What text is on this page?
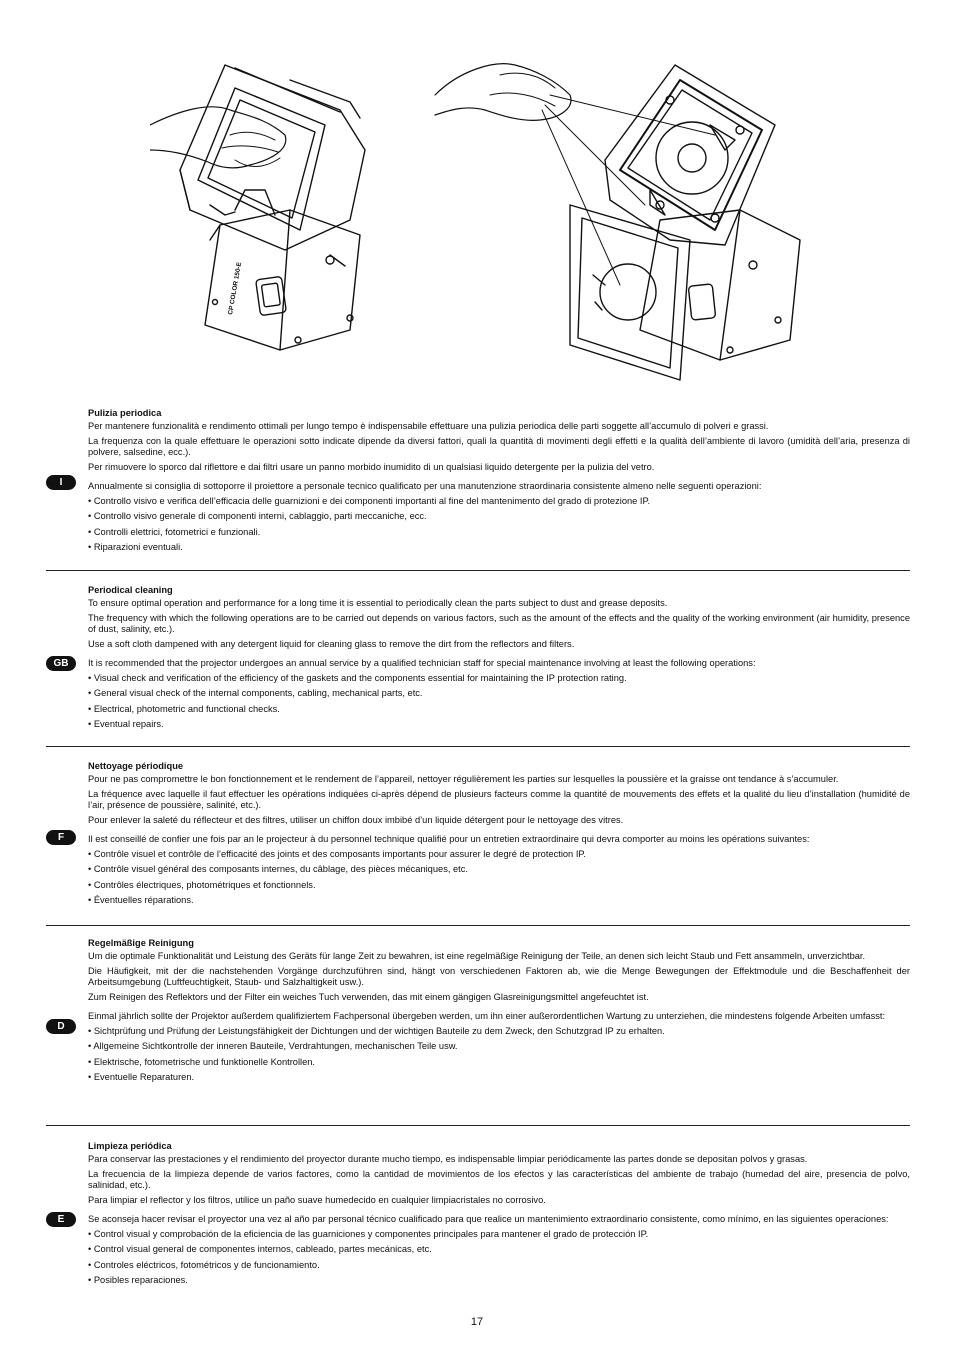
CP COLOR 150-E
I
Pulizia periodica
Per mantenere funzionalità e rendimento ottimali per lungo tempo è indispensabile effettuare una pulizia periodica delle parti soggette all’accumulo di polveri e grassi.
La frequenza con la quale effettuare le operazioni sotto indicate dipende da diversi fattori, quali la quantità di movimenti degli effetti e la qualità dell’ambiente di lavoro (umidità dell’aria, presenza di polvere, salsedine, ecc.).
Per rimuovere lo sporco dal riflettore e dai filtri usare un panno morbido inumidito di un qualsiasi liquido detergente per la pulizia del vetro.
Annualmente si consiglia di sottoporre il proiettore a personale tecnico qualificato per una manutenzione straordinaria consistente almeno nelle seguenti operazioni:
• Controllo visivo e verifica dell’efficacia delle guarnizioni e dei componenti importanti al fine del mantenimento del grado di protezione IP.
• Controllo visivo generale di componenti interni, cablaggio, parti meccaniche, ecc.
• Controlli elettrici, fotometrici e funzionali.
• Riparazioni eventuali.
GB
Periodical cleaning
To ensure optimal operation and performance for a long time it is essential to periodically clean the parts subject to dust and grease deposits.
The frequency with which the following operations are to be carried out depends on various factors, such as the amount of the effects and the quality of the working environment (air humidity, presence of dust, salinity, etc.).
Use a soft cloth dampened with any detergent liquid for cleaning glass to remove the dirt from the reflectors and filters.
It is recommended that the projector undergoes an annual service by a qualified technician staff for special maintenance involving at least the following operations:
• Visual check and verification of the efficiency of the gaskets and the components essential for maintaining the IP protection rating.
• General visual check of the internal components, cabling, mechanical parts, etc.
• Electrical, photometric and functional checks.
• Eventual repairs.
F
Nettoyage périodique
Pour ne pas compromettre le bon fonctionnement et le rendement de l’appareil, nettoyer régulièrement les parties sur lesquelles la poussière et la graisse ont tendance à s’accumuler.
La fréquence avec laquelle il faut effectuer les opérations indiquées ci-après dépend de plusieurs facteurs comme la quantité de mouvements des effets et la qualité du lieu d’installation (humidité de l’air, présence de poussière, salinité, etc.).
Pour enlever la saleté du réflecteur et des filtres, utiliser un chiffon doux imbibé d’un liquide détergent pour le nettoyage des vitres.
Il est conseillé de confier une fois par an le projecteur à du personnel technique qualifié pour un entretien extraordinaire qui devra comporter au moins les opérations suivantes:
• Contrôle visuel et contrôle de l’efficacité des joints et des composants importants pour assurer le degré de protection IP.
• Contrôle visuel général des composants internes, du câblage, des pièces mécaniques, etc.
• Contrôles électriques, photométriques et fonctionnels.
• Éventuelles réparations.
D
Regelmäßige Reinigung
Um die optimale Funktionalität und Leistung des Geräts für lange Zeit zu bewahren, ist eine regelmäßige Reinigung der Teile, an denen sich leicht Staub und Fett ansammeln, unverzichtbar.
Die Häufigkeit, mit der die nachstehenden Vorgänge durchzuführen sind, hängt von verschiedenen Faktoren ab, wie die Menge Bewegungen der Effektmodule und die Beschaffenheit der Arbeitsumgebung (Luftfeuchtigkeit, Staub- und Salzhaltigkeit usw.).
Zum Reinigen des Reflektors und der Filter ein weiches Tuch verwenden, das mit einem gängigen Glasreinigungsmittel angefeuchtet ist.
Einmal jährlich sollte der Projektor außerdem qualifiziertem Fachpersonal übergeben werden, um ihn einer außerordentlichen Wartung zu unterziehen, die mindestens folgende Arbeiten umfasst:
• Sichtprüfung und Prüfung der Leistungsfähigkeit der Dichtungen und der wichtigen Bauteile zu dem Zweck, den Schutzgrad IP zu erhalten.
• Allgemeine Sichtkontrolle der inneren Bauteile, Verdrahtungen, mechanischen Teile usw.
• Elektrische, fotometrische und funktionelle Kontrollen.
• Eventuelle Reparaturen.
E
Limpieza periódica
Para conservar las prestaciones y el rendimiento del proyector durante mucho tiempo, es indispensable limpiar periódicamente las partes donde se depositan polvos y grasas.
La frecuencia de la limpieza depende de varios factores, como la cantidad de movimientos de los efectos y las características del ambiente de trabajo (humedad del aire, presencia de polvo, salinidad, etc.).
Para limpiar el reflector y los filtros, utilice un paño suave humedecido en cualquier limpiacristales no corrosivo.
Se aconseja hacer revisar el proyector una vez al año par personal técnico cualificado para que realice un mantenimiento extraordinario consistente, como mínimo, en las siguientes operaciones:
• Control visual y comprobación de la eficiencia de las guarniciones y componentes principales para mantener el grado de protección IP.
• Control visual general de componentes internos, cableado, partes mecánicas, etc.
• Controles eléctricos, fotométricos y de funcionamiento.
• Posibles reparaciones.
17
